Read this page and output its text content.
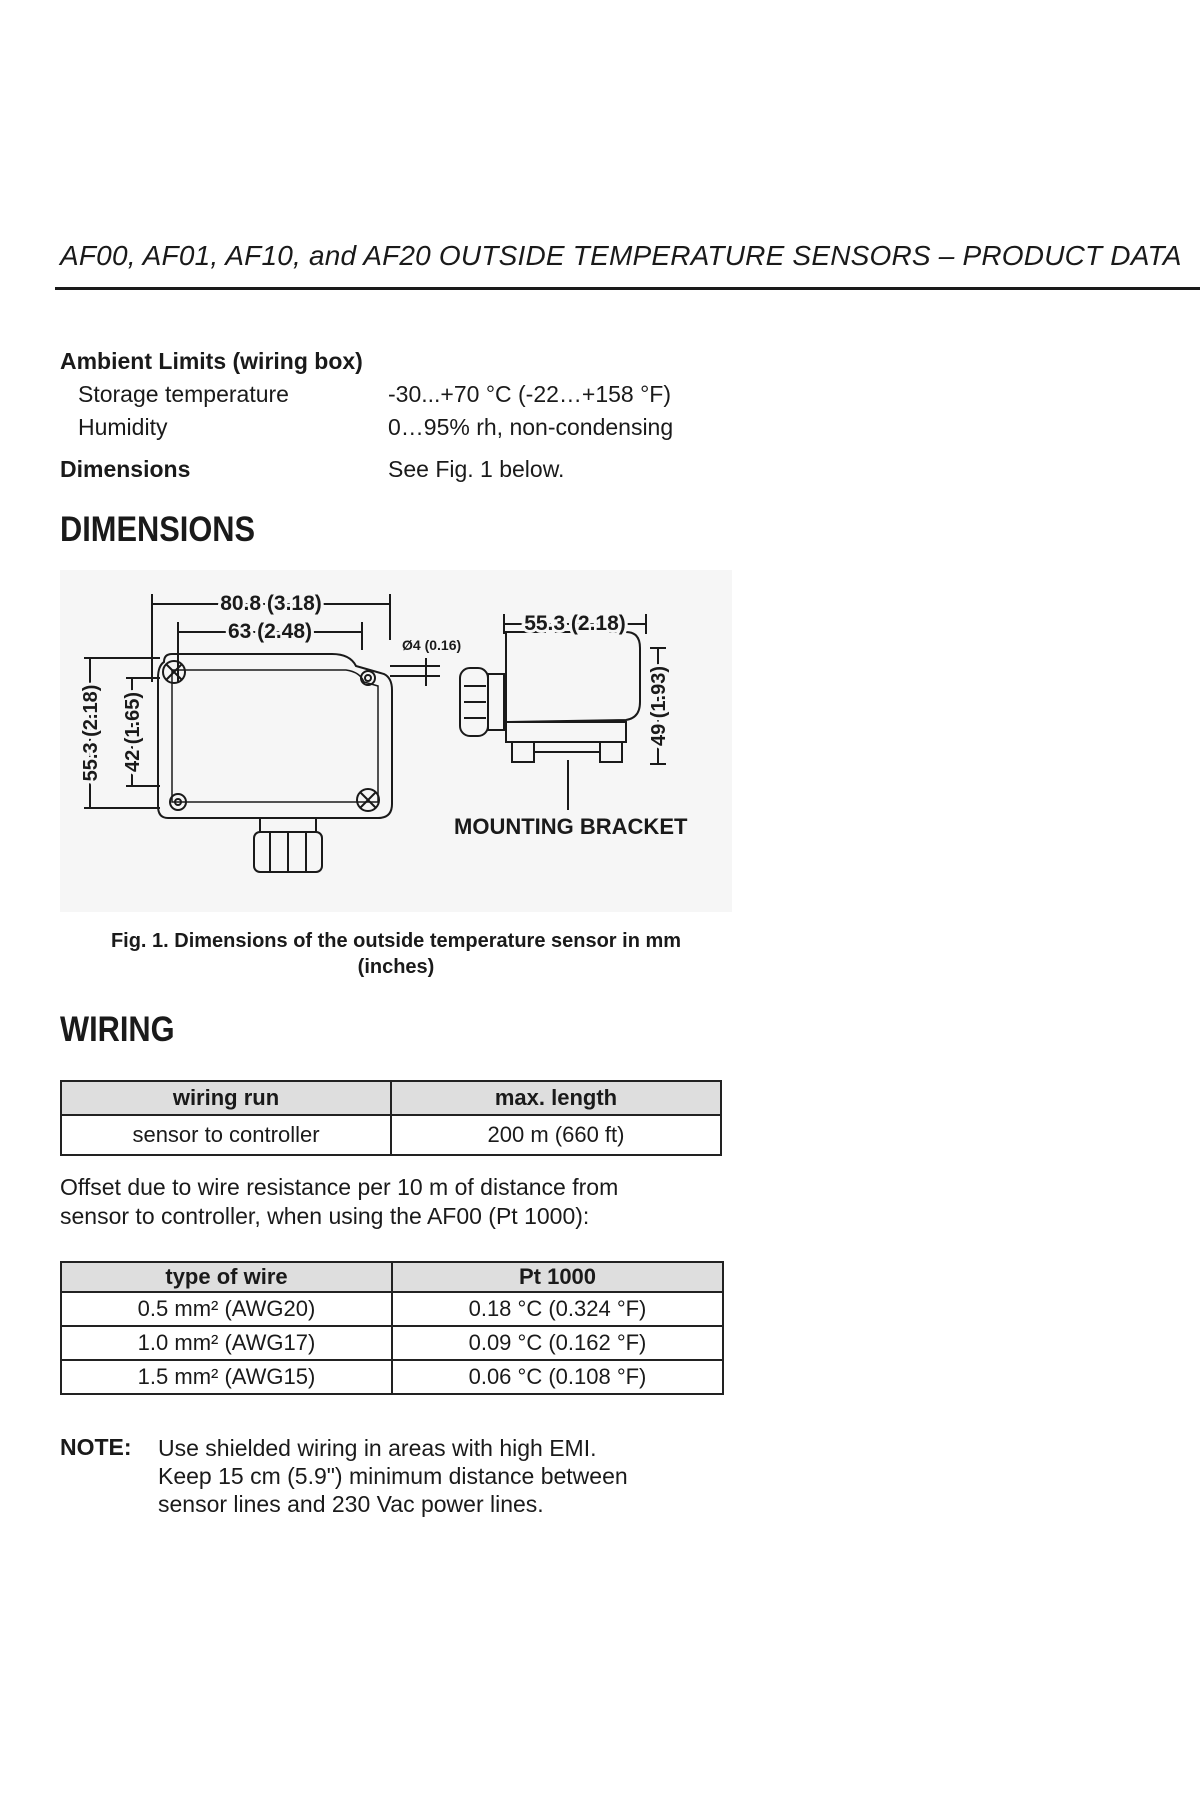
AF00, AF01, AF10, and AF20 OUTSIDE TEMPERATURE SENSORS – PRODUCT DATA
Ambient Limits (wiring box)
Storage temperature	-30...+70 °C (-22…+158 °F)
Humidity	0…95% rh, non-condensing
Dimensions	See Fig. 1 below.
DIMENSIONS
80.8 (3.18)
63 (2.48)
Ø4 (0.16)
55.3 (2.18)
55.3 (2.18) 42 (1.65)	49 (1.93)
MOUNTING BRACKET
Fig. 1. Dimensions of the outside temperature sensor in mm
(inches)
WIRING
wiring run	max. length
sensor to controller	200 m (660 ft)
Offset due to wire resistance per 10 m of distance from
sensor to controller, when using the AF00 (Pt 1000):
type of wire	Pt 1000
0.5 mm² (AWG20)	0.18 °C (0.324 °F)
1.0 mm² (AWG17)	0.09 °C (0.162 °F)
1.5 mm² (AWG15)	0.06 °C (0.108 °F)
NOTE: Use shielded wiring in areas with high EMI.
Keep 15 cm (5.9") minimum distance between
sensor lines and 230 Vac power lines.
